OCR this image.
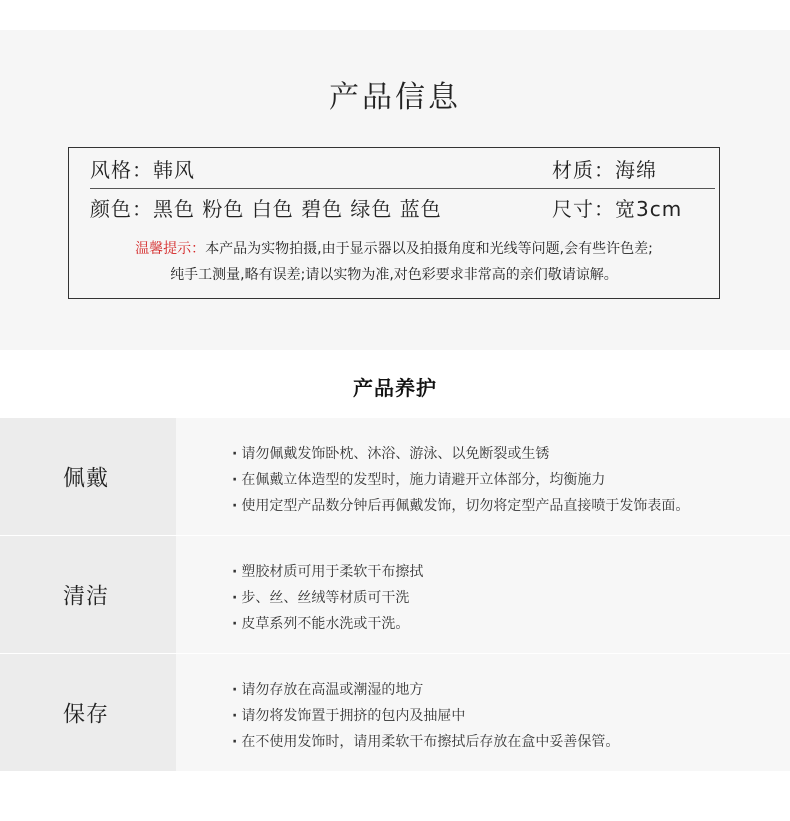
产品信息
风格：韩风	材质：海绵
颜色：黑色 粉色 白色 碧色 绿色 蓝色	尺寸：宽3cm
温馨提示：本产品为实物拍摄,由于显示器以及拍摄角度和光线等问题,会有些许色差;
纯手工测量,略有误差;请以实物为准,对色彩要求非常高的亲们敬请谅解。
产品养护
佩戴
· 请勿佩戴发饰卧枕、沐浴、游泳、以免断裂或生锈
· 在佩戴立体造型的发型时，施力请避开立体部分，均衡施力
· 使用定型产品数分钟后再佩戴发饰，切勿将定型产品直接喷于发饰表面。
清洁
· 塑胶材质可用于柔软干布擦拭
· 步、丝、丝绒等材质可干洗
· 皮草系列不能水洗或干洗。
保存
· 请勿存放在高温或潮湿的地方
· 请勿将发饰置于拥挤的包内及抽屉中
· 在不使用发饰时，请用柔软干布擦拭后存放在盒中妥善保管。
